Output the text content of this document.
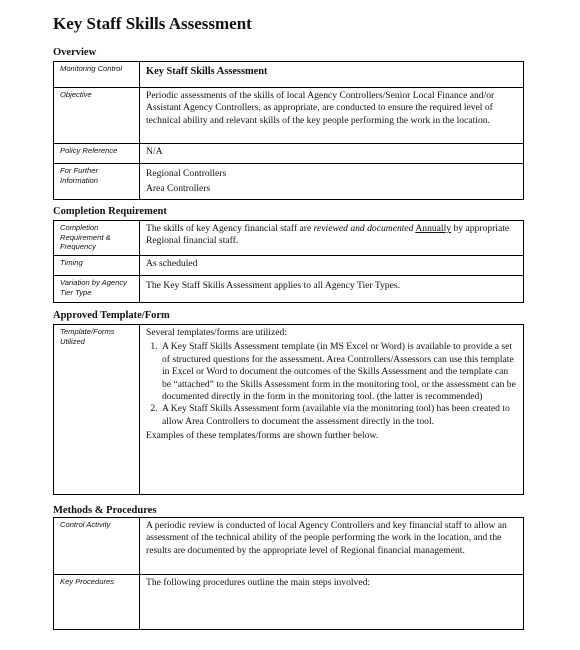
Key Staff Skills Assessment
Overview
Monitoring Control	Key Staff Skills Assessment
Objective	Periodic assessments of the skills of local Agency Controllers/Senior Local Finance and/or Assistant Agency Controllers, as appropriate, are conducted to ensure the required level of technical ability and relevant skills of the key people performing the work in the location.
Policy Reference	N/A
For Further Information	Regional Controllers
Area Controllers
Completion Requirement
Completion Requirement & Frequency	The skills of key Agency financial staff are reviewed and documented Annually by appropriate Regional financial staff.
Timing	As scheduled
Variation by Agency Tier Type	The Key Staff Skills Assessment applies to all Agency Tier Types.
Approved Template/Form
Template/Forms Utilized	
Several templates/forms are utilized:
1. A Key Staff Skills Assessment template (in MS Excel or Word) is available to provide a set of structured questions for the assessment. Area Controllers/Assessors can use this template in Excel or Word to document the outcomes of the Skills Assessment and the template can be “attached” to the Skills Assessment form in the monitoring tool, or the assessment can be documented directly in the form in the monitoring tool. (the latter is recommended)
2. A Key Staff Skills Assessment form (available via the monitoring tool) has been created to allow Area Controllers to document the assessment directly in the tool.
Examples of these templates/forms are shown further below.
Methods & Procedures
Control Activity	A periodic review is conducted of local Agency Controllers and key financial staff to allow an assessment of the technical ability of the people performing the work in the location, and the results are documented by the appropriate level of Regional financial management.
Key Procedures	The following procedures outline the main steps involved:
